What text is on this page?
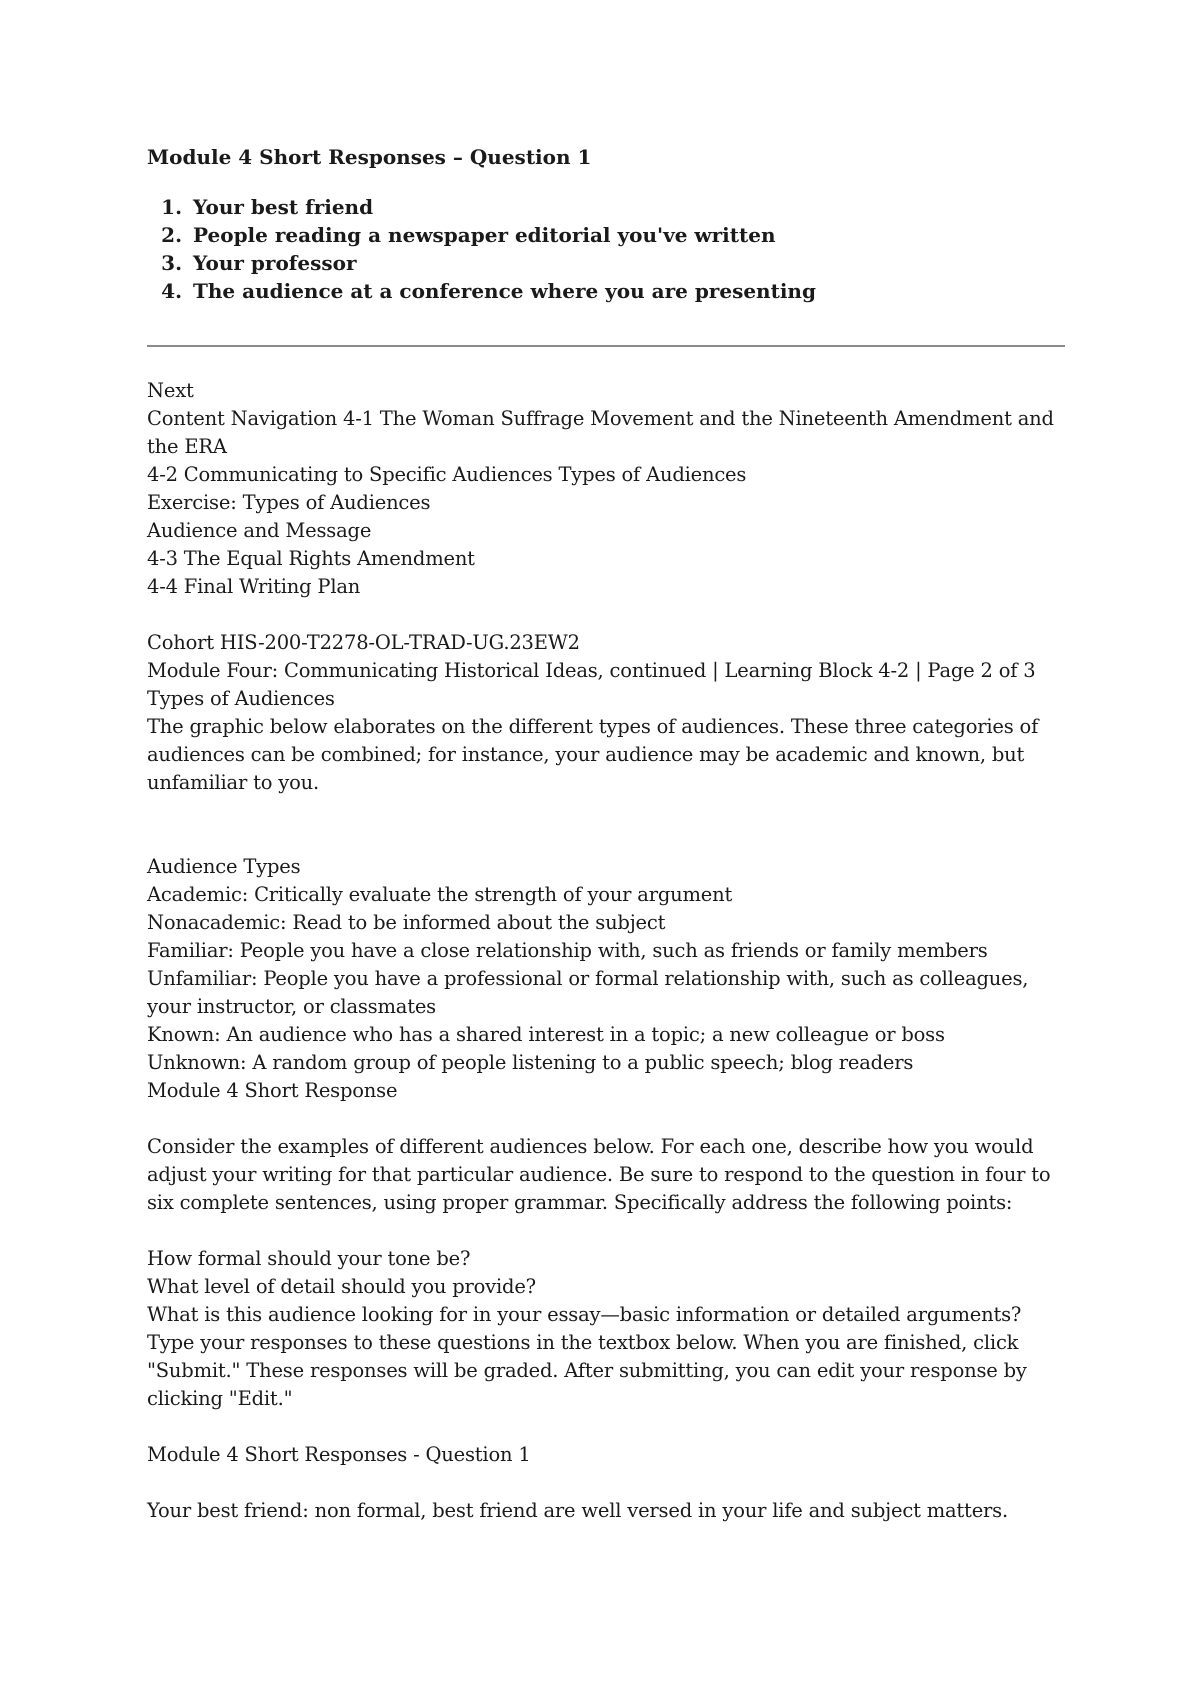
Module 4 Short Responses – Question 1
1. Your best friend
2. People reading a newspaper editorial you've written
3. Your professor
4. The audience at a conference where you are presenting
Next
Content Navigation 4-1 The Woman Suffrage Movement and the Nineteenth Amendment and the ERA
4-2 Communicating to Specific Audiences Types of Audiences
Exercise: Types of Audiences
Audience and Message
4-3 The Equal Rights Amendment
4-4 Final Writing Plan
Cohort HIS-200-T2278-OL-TRAD-UG.23EW2
Module Four: Communicating Historical Ideas, continued | Learning Block 4-2 | Page 2 of 3
Types of Audiences
The graphic below elaborates on the different types of audiences. These three categories of audiences can be combined; for instance, your audience may be academic and known, but unfamiliar to you.
Audience Types
Academic: Critically evaluate the strength of your argument
Nonacademic: Read to be informed about the subject
Familiar: People you have a close relationship with, such as friends or family members
Unfamiliar: People you have a professional or formal relationship with, such as colleagues, your instructor, or classmates
Known: An audience who has a shared interest in a topic; a new colleague or boss
Unknown: A random group of people listening to a public speech; blog readers
Module 4 Short Response
Consider the examples of different audiences below. For each one, describe how you would adjust your writing for that particular audience. Be sure to respond to the question in four to six complete sentences, using proper grammar. Specifically address the following points:
How formal should your tone be?
What level of detail should you provide?
What is this audience looking for in your essay—basic information or detailed arguments?
Type your responses to these questions in the textbox below. When you are finished, click "Submit." These responses will be graded. After submitting, you can edit your response by clicking "Edit."
Module 4 Short Responses - Question 1
Your best friend: non formal, best friend are well versed in your life and subject matters.
